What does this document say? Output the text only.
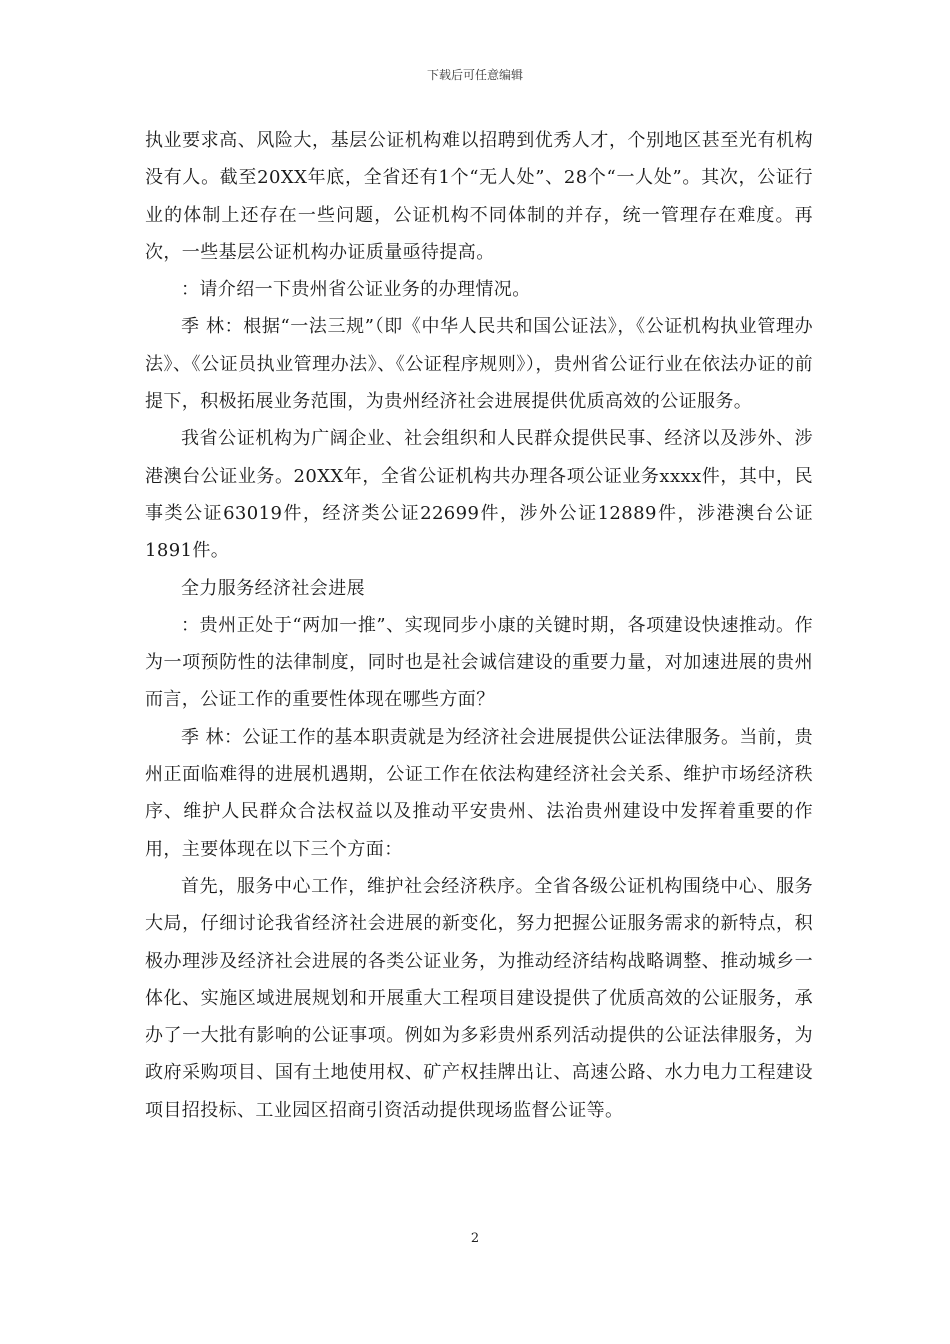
下载后可任意编辑

执业要求高、风险大，基层公证机构难以招聘到优秀人才，个别地区甚至光有机构没有人。截至20XX年底，全省还有1个“无人处”、28个“一人处”。其次，公证行业的体制上还存在一些问题，公证机构不同体制的并存，统一管理存在难度。再次，一些基层公证机构办证质量亟待提高。

：请介绍一下贵州省公证业务的办理情况。

季 林：根据“一法三规”（即《中华人民共和国公证法》，《公证机构执业管理办法》、《公证员执业管理办法》、《公证程序规则》），贵州省公证行业在依法办证的前提下，积极拓展业务范围，为贵州经济社会进展提供优质高效的公证服务。

我省公证机构为广阔企业、社会组织和人民群众提供民事、经济以及涉外、涉港澳台公证业务。20XX年，全省公证机构共办理各项公证业务xxxx件，其中，民事类公证63019件，经济类公证22699件，涉外公证12889件，涉港澳台公证1891件。

全力服务经济社会进展

：贵州正处于“两加一推”、实现同步小康的关键时期，各项建设快速推动。作为一项预防性的法律制度，同时也是社会诚信建设的重要力量，对加速进展的贵州而言，公证工作的重要性体现在哪些方面？

季 林：公证工作的基本职责就是为经济社会进展提供公证法律服务。当前，贵州正面临难得的进展机遇期，公证工作在依法构建经济社会关系、维护市场经济秩序、维护人民群众合法权益以及推动平安贵州、法治贵州建设中发挥着重要的作用，主要体现在以下三个方面：

首先，服务中心工作，维护社会经济秩序。全省各级公证机构围绕中心、服务大局，仔细讨论我省经济社会进展的新变化，努力把握公证服务需求的新特点，积极办理涉及经济社会进展的各类公证业务，为推动经济结构战略调整、推动城乡一体化、实施区域进展规划和开展重大工程项目建设提供了优质高效的公证服务，承办了一大批有影响的公证事项。例如为多彩贵州系列活动提供的公证法律服务，为政府采购项目、国有土地使用权、矿产权挂牌出让、高速公路、水力电力工程建设项目招投标、工业园区招商引资活动提供现场监督公证等。

2
